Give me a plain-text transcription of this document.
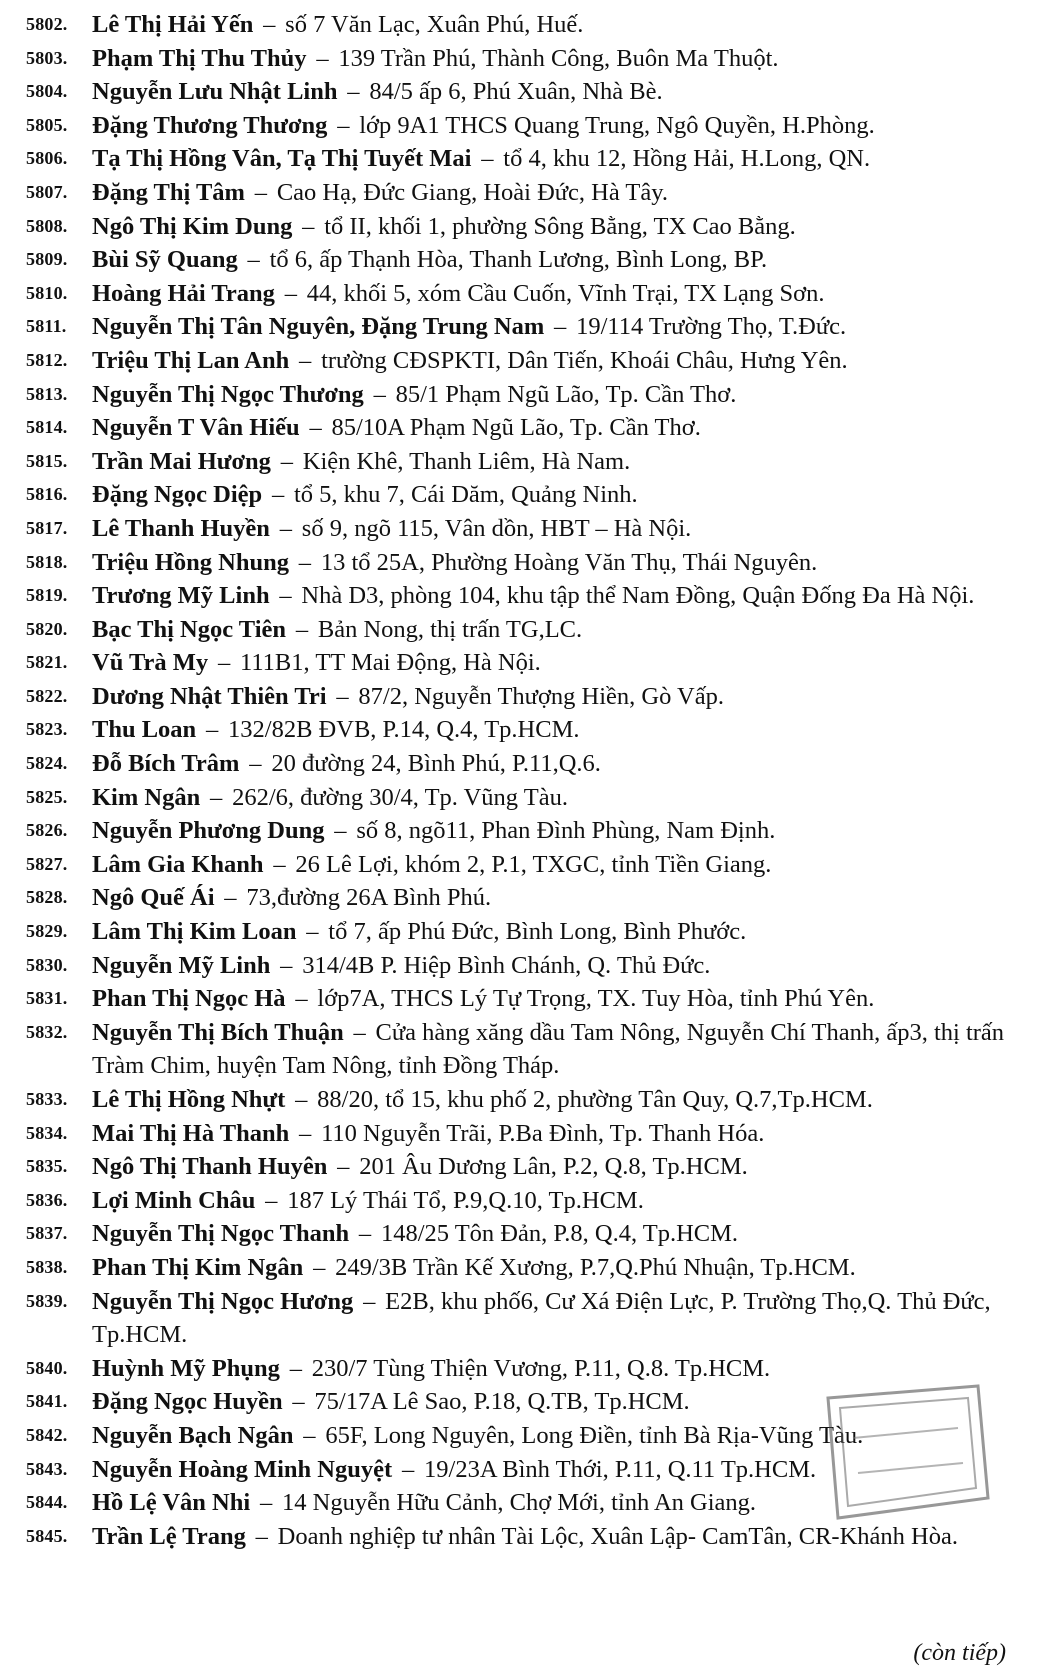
5802. Lê Thị Hải Yến – số 7 Văn Lạc, Xuân Phú, Huế.
5803. Phạm Thị Thu Thủy – 139 Trần Phú, Thành Công, Buôn Ma Thuột.
5804. Nguyễn Lưu Nhật Linh – 84/5 ấp 6, Phú Xuân, Nhà Bè.
5805. Đặng Thương Thương – lớp 9A1 THCS Quang Trung, Ngô Quyền, H.Phòng.
5806. Tạ Thị Hồng Vân, Tạ Thị Tuyết Mai – tổ 4, khu 12, Hồng Hải, H.Long, QN.
5807. Đặng Thị Tâm – Cao Hạ, Đức Giang, Hoài Đức, Hà Tây.
5808. Ngô Thị Kim Dung – tổ II, khối 1, phường Sông Bằng, TX Cao Bằng.
5809. Bùi Sỹ Quang – tổ 6, ấp Thạnh Hòa, Thanh Lương, Bình Long, BP.
5810. Hoàng Hải Trang – 44, khối 5, xóm Cầu Cuốn, Vĩnh Trại, TX Lạng Sơn.
5811. Nguyễn Thị Tân Nguyên, Đặng Trung Nam – 19/114 Trường Thọ, T.Đức.
5812. Triệu Thị Lan Anh – trường CĐSPKTI, Dân Tiến, Khoái Châu, Hưng Yên.
5813. Nguyễn Thị Ngọc Thương – 85/1 Phạm Ngũ Lão, Tp. Cần Thơ.
5814. Nguyễn T Vân Hiếu – 85/10A Phạm Ngũ Lão, Tp. Cần Thơ.
5815. Trần Mai Hương – Kiện Khê, Thanh Liêm, Hà Nam.
5816. Đặng Ngọc Diệp – tổ 5, khu 7, Cái Dăm, Quảng Ninh.
5817. Lê Thanh Huyền – số 9, ngõ 115, Vân dồn, HBT – Hà Nội.
5818. Triệu Hồng Nhung – 13 tổ 25A, Phường Hoàng Văn Thụ, Thái Nguyên.
5819. Trương Mỹ Linh – Nhà D3, phòng 104, khu tập thể Nam Đồng, Quận Đống Đa Hà Nội.
5820. Bạc Thị Ngọc Tiên – Bản Nong, thị trấn TG,LC.
5821. Vũ Trà My – 111B1, TT Mai Động, Hà Nội.
5822. Dương Nhật Thiên Tri – 87/2, Nguyễn Thượng Hiền, Gò Vấp.
5823. Thu Loan – 132/82B ĐVB, P.14, Q.4, Tp.HCM.
5824. Đỗ Bích Trâm – 20 đường 24, Bình Phú, P.11,Q.6.
5825. Kim Ngân – 262/6, đường 30/4, Tp. Vũng Tàu.
5826. Nguyễn Phương Dung – số 8, ngõ11, Phan Đình Phùng, Nam Định.
5827. Lâm Gia Khanh – 26 Lê Lợi, khóm 2, P.1, TXGC, tỉnh Tiền Giang.
5828. Ngô Quế Ái – 73,đường 26A Bình Phú.
5829. Lâm Thị Kim Loan – tổ 7, ấp Phú Đức, Bình Long, Bình Phước.
5830. Nguyễn Mỹ Linh – 314/4B P. Hiệp Bình Chánh, Q. Thủ Đức.
5831. Phan Thị Ngọc Hà – lớp7A, THCS Lý Tự Trọng, TX. Tuy Hòa, tỉnh Phú Yên.
5832. Nguyễn Thị Bích Thuận – Cửa hàng xăng dầu Tam Nông, Nguyễn Chí Thanh, ấp3, thị trấn Tràm Chim, huyện Tam Nông, tỉnh Đồng Tháp.
5833. Lê Thị Hồng Nhựt – 88/20, tổ 15, khu phố 2, phường Tân Quy, Q.7,Tp.HCM.
5834. Mai Thị Hà Thanh – 110 Nguyễn Trãi, P.Ba Đình, Tp. Thanh Hóa.
5835. Ngô Thị Thanh Huyên – 201 Âu Dương Lân, P.2, Q.8, Tp.HCM.
5836. Lợi Minh Châu – 187 Lý Thái Tổ, P.9,Q.10, Tp.HCM.
5837. Nguyễn Thị Ngọc Thanh – 148/25 Tôn Đản, P.8, Q.4, Tp.HCM.
5838. Phan Thị Kim Ngân – 249/3B Trần Kế Xương, P.7,Q.Phú Nhuận, Tp.HCM.
5839. Nguyễn Thị Ngọc Hương – E2B, khu phố6, Cư Xá Điện Lực, P. Trường Thọ,Q. Thủ Đức, Tp.HCM.
5840. Huỳnh Mỹ Phụng – 230/7 Tùng Thiện Vương, P.11, Q.8. Tp.HCM.
5841. Đặng Ngọc Huyền – 75/17A Lê Sao, P.18, Q.TB, Tp.HCM.
5842. Nguyễn Bạch Ngân – 65F, Long Nguyên, Long Điền, tỉnh Bà Rịa-Vũng Tàu.
5843. Nguyễn Hoàng Minh Nguyệt – 19/23A Bình Thới, P.11, Q.11 Tp.HCM.
5844. Hồ Lệ Vân Nhi – 14 Nguyễn Hữu Cảnh, Chợ Mới, tỉnh An Giang.
5845. Trần Lệ Trang – Doanh nghiệp tư nhân Tài Lộc, Xuân Lập- CamTân, CR-Khánh Hòa.
(còn tiếp)
